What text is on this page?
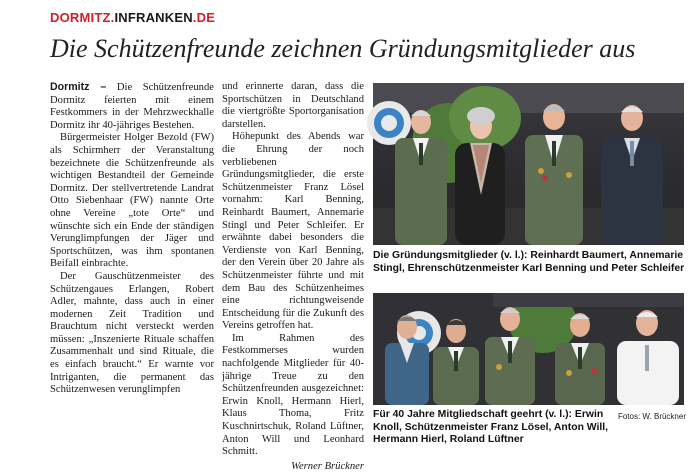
DORMITZ.INFRANKEN.DE
Die Schützenfreunde zeichnen Gründungsmitglieder aus

Dormitz – Die Schützenfreunde Dormitz feierten mit einem Festkommers in der Mehrzweckhalle Dormitz ihr 40-jähriges Bestehen.

Bürgermeister Holger Bezold (FW) als Schirmherr der Veranstaltung bezeichnete die Schützenfreunde als wichtigen Bestandteil der Gemeinde Dormitz. Der stellvertretende Landrat Otto Siebenhaar (FW) nannte Orte ohne Vereine „tote Orte“ und wünschte sich ein Ende der ständigen Verunglimpfungen der Jäger und Sportschützen, was ihm spontanen Beifall einbrachte.

Der Gauschützenmeister des Schützengaues Erlangen, Robert Adler, mahnte, dass auch in einer modernen Zeit Tradition und Brauchtum nicht versteckt werden müssen: „Inszenierte Rituale schaffen Zusammenhalt und sind Rituale, die es einfach braucht.“ Er warnte vor Intriganten, die permanent das Schützenwesen verunglimpfen

und erinnerte daran, dass die Sportschützen in Deutschland die viertgrößte Sportorganisation darstellen.

Höhepunkt des Abends war die Ehrung der noch verbliebenen Gründungsmitglieder, die erste Schützenmeister Franz Lösel vornahm: Karl Benning, Reinhardt Baumert, Annemarie Stingl und Peter Schleifer. Er erwähnte dabei besonders die Verdienste von Karl Benning, der den Verein über 20 Jahre als Schützenmeister führte und mit dem Bau des Schützenheimes eine richtungweisende Entscheidung für die Zukunft des Vereins getroffen hat.

Im Rahmen des Festkommerses wurden nachfolgende Mitglieder für 40-jährige Treue zu den Schützenfreunden ausgezeichnet: Erwin Knoll, Hermann Hierl, Klaus Thoma, Fritz Kuschnirtschuk, Roland Lüftner, Anton Will und Leonhard Schmitt.

Werner Brückner

Die Gründungsmitglieder (v. l.): Reinhardt Baumert, Annemarie Stingl, Ehrenschützenmeister Karl Benning und Peter Schleifer
Fotos: W. Brückner
Für 40 Jahre Mitgliedschaft geehrt (v. l.): Erwin Knoll, Schützenmeister Franz Lösel, Anton Will, Hermann Hierl, Roland Lüftner
